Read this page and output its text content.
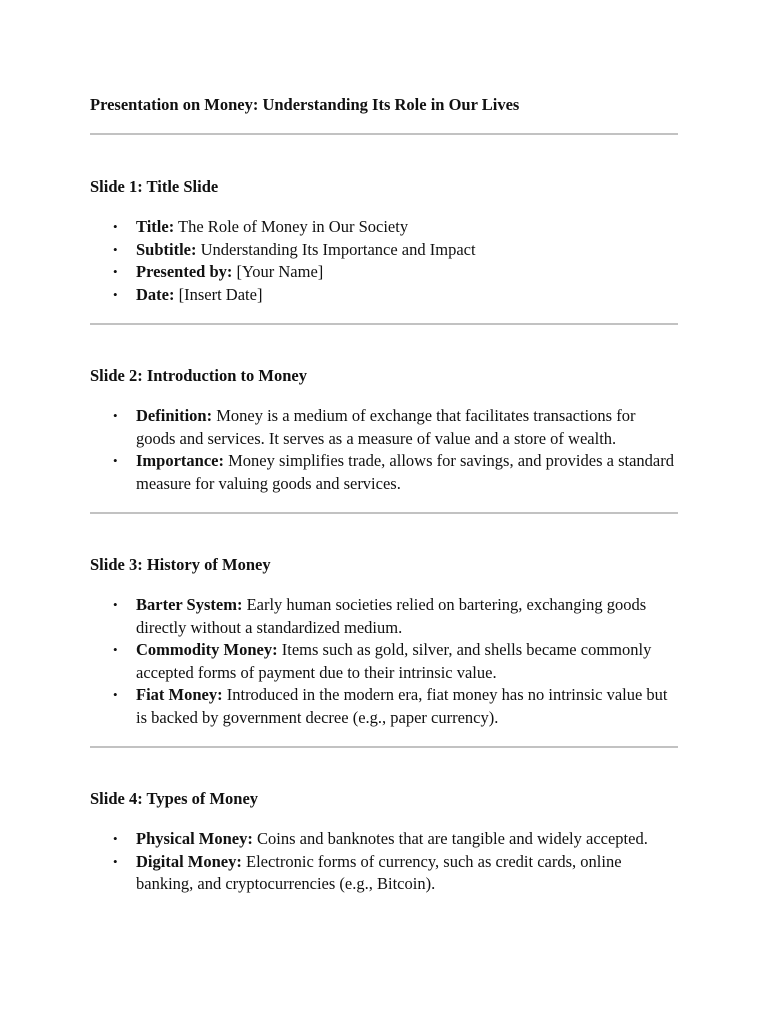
Presentation on Money: Understanding Its Role in Our Lives
Slide 1: Title Slide
• Title: The Role of Money in Our Society
• Subtitle: Understanding Its Importance and Impact
• Presented by: [Your Name]
• Date: [Insert Date]
Slide 2: Introduction to Money
• Definition: Money is a medium of exchange that facilitates transactions for goods and services. It serves as a measure of value and a store of wealth.
• Importance: Money simplifies trade, allows for savings, and provides a standard measure for valuing goods and services.
Slide 3: History of Money
• Barter System: Early human societies relied on bartering, exchanging goods directly without a standardized medium.
• Commodity Money: Items such as gold, silver, and shells became commonly accepted forms of payment due to their intrinsic value.
• Fiat Money: Introduced in the modern era, fiat money has no intrinsic value but is backed by government decree (e.g., paper currency).
Slide 4: Types of Money
• Physical Money: Coins and banknotes that are tangible and widely accepted.
• Digital Money: Electronic forms of currency, such as credit cards, online banking, and cryptocurrencies (e.g., Bitcoin).
